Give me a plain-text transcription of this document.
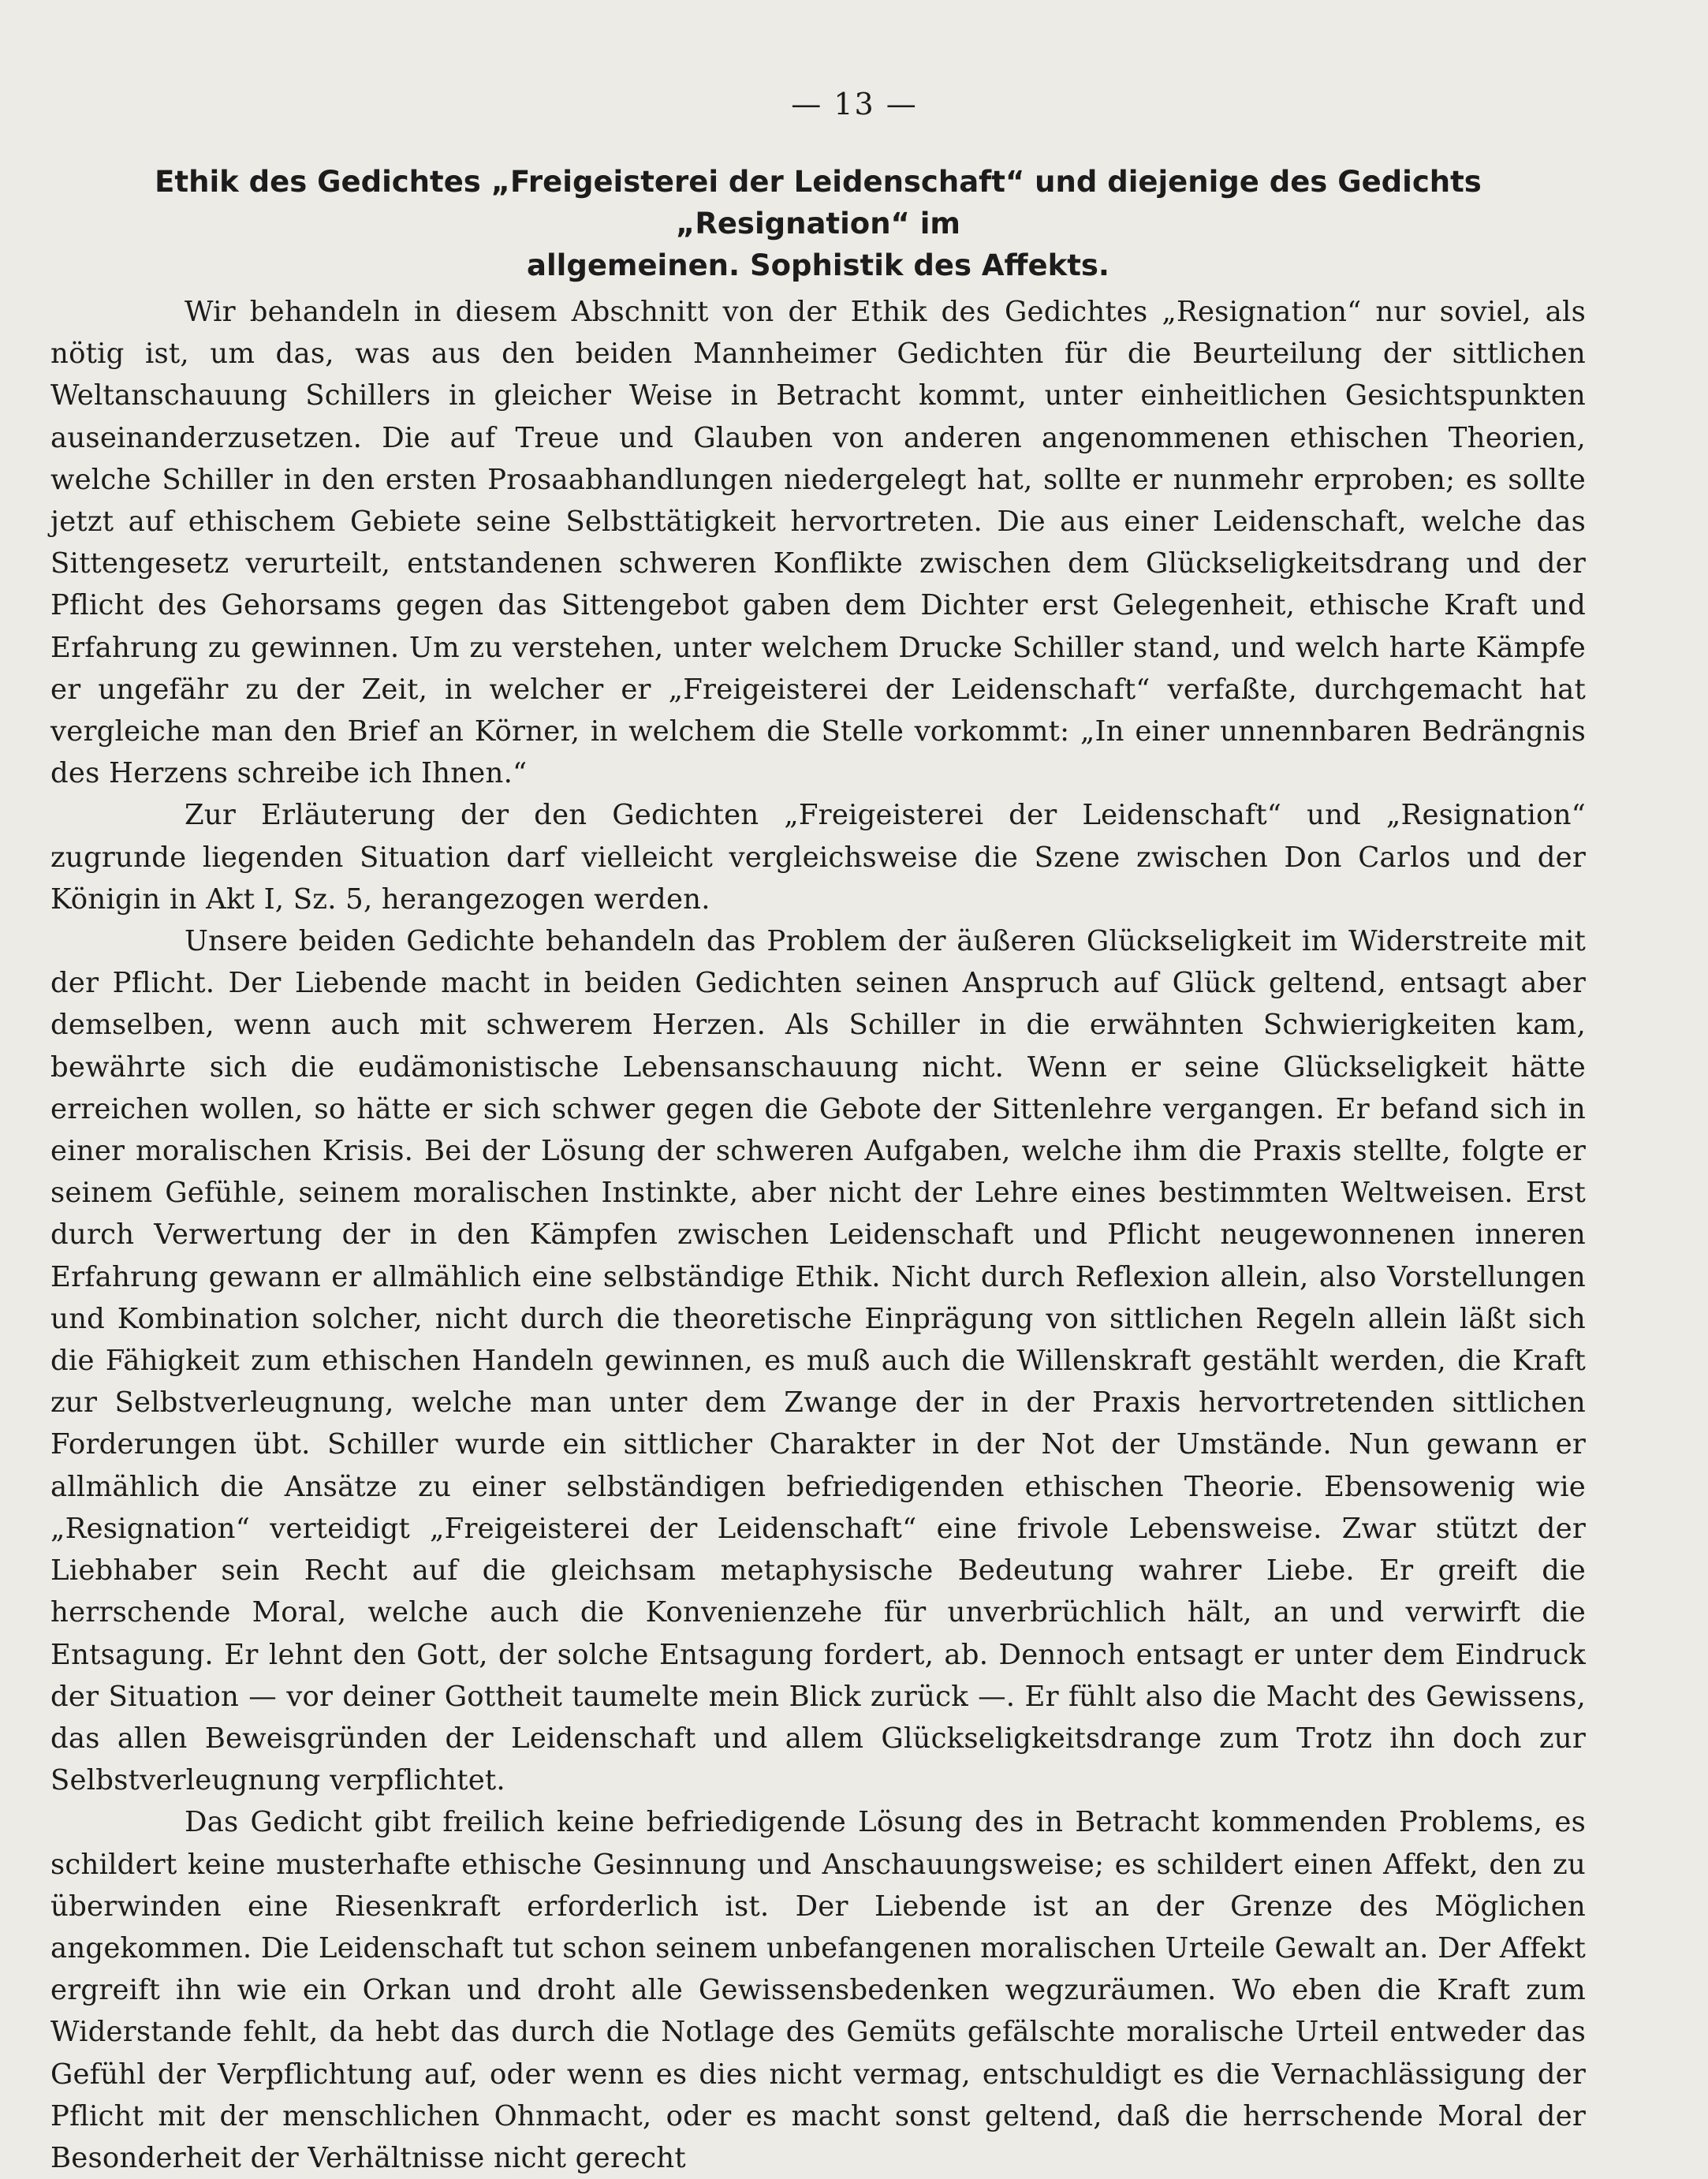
— 13 —
Ethik des Gedichtes „Freigeisterei der Leidenschaft“ und diejenige des Gedichts „Resignation“ im
allgemeinen. Sophistik des Affekts.

Wir behandeln in diesem Abschnitt von der Ethik des Gedichtes „Resignation“ nur soviel, als nötig ist, um das, was aus den beiden Mannheimer Gedichten für die Beurteilung der sittlichen Weltanschauung Schillers in gleicher Weise in Betracht kommt, unter einheitlichen Gesichtspunkten auseinanderzusetzen. Die auf Treue und Glauben von anderen angenommenen ethischen Theorien, welche Schiller in den ersten Prosaabhandlungen niedergelegt hat, sollte er nunmehr erproben; es sollte jetzt auf ethischem Gebiete seine Selbsttätigkeit hervortreten. Die aus einer Leidenschaft, welche das Sittengesetz verurteilt, entstandenen schweren Konflikte zwischen dem Glückseligkeitsdrang und der Pflicht des Gehorsams gegen das Sittengebot gaben dem Dichter erst Gelegenheit, ethische Kraft und Erfahrung zu gewinnen. Um zu verstehen, unter welchem Drucke Schiller stand, und welch harte Kämpfe er ungefähr zu der Zeit, in welcher er „Freigeisterei der Leidenschaft“ verfaßte, durchgemacht hat vergleiche man den Brief an Körner, in welchem die Stelle vorkommt: „In einer unnennbaren Bedrängnis des Herzens schreibe ich Ihnen.“

Zur Erläuterung der den Gedichten „Freigeisterei der Leidenschaft“ und „Resignation“ zugrunde liegenden Situation darf vielleicht vergleichsweise die Szene zwischen Don Carlos und der Königin in Akt I, Sz. 5, herangezogen werden.

Unsere beiden Gedichte behandeln das Problem der äußeren Glückseligkeit im Widerstreite mit der Pflicht. Der Liebende macht in beiden Gedichten seinen Anspruch auf Glück geltend, entsagt aber demselben, wenn auch mit schwerem Herzen. Als Schiller in die erwähnten Schwierigkeiten kam, bewährte sich die eudämonistische Lebensanschauung nicht. Wenn er seine Glückseligkeit hätte erreichen wollen, so hätte er sich schwer gegen die Gebote der Sittenlehre vergangen. Er befand sich in einer moralischen Krisis. Bei der Lösung der schweren Aufgaben, welche ihm die Praxis stellte, folgte er seinem Gefühle, seinem moralischen Instinkte, aber nicht der Lehre eines bestimmten Weltweisen. Erst durch Verwertung der in den Kämpfen zwischen Leidenschaft und Pflicht neugewonnenen inneren Erfahrung gewann er allmählich eine selbständige Ethik. Nicht durch Reflexion allein, also Vorstellungen und Kombination solcher, nicht durch die theoretische Einprägung von sittlichen Regeln allein läßt sich die Fähigkeit zum ethischen Handeln gewinnen, es muß auch die Willenskraft gestählt werden, die Kraft zur Selbstverleugnung, welche man unter dem Zwange der in der Praxis hervortretenden sittlichen Forderungen übt. Schiller wurde ein sittlicher Charakter in der Not der Umstände. Nun gewann er allmählich die Ansätze zu einer selbständigen befriedigenden ethischen Theorie. Ebensowenig wie „Resignation“ verteidigt „Freigeisterei der Leidenschaft“ eine frivole Lebensweise. Zwar stützt der Liebhaber sein Recht auf die gleichsam metaphysische Bedeutung wahrer Liebe. Er greift die herrschende Moral, welche auch die Konvenienzehe für unverbrüchlich hält, an und verwirft die Entsagung. Er lehnt den Gott, der solche Entsagung fordert, ab. Dennoch entsagt er unter dem Eindruck der Situation — vor deiner Gottheit taumelte mein Blick zurück —. Er fühlt also die Macht des Gewissens, das allen Beweisgründen der Leidenschaft und allem Glückseligkeitsdrange zum Trotz ihn doch zur Selbstverleugnung verpflichtet.

Das Gedicht gibt freilich keine befriedigende Lösung des in Betracht kommenden Problems, es schildert keine musterhafte ethische Gesinnung und Anschauungsweise; es schildert einen Affekt, den zu überwinden eine Riesenkraft erforderlich ist. Der Liebende ist an der Grenze des Möglichen angekommen. Die Leidenschaft tut schon seinem unbefangenen moralischen Urteile Gewalt an. Der Affekt ergreift ihn wie ein Orkan und droht alle Gewissensbedenken wegzuräumen. Wo eben die Kraft zum Widerstande fehlt, da hebt das durch die Notlage des Gemüts gefälschte moralische Urteil entweder das Gefühl der Verpflichtung auf, oder wenn es dies nicht vermag, entschuldigt es die Vernachlässigung der Pflicht mit der menschlichen Ohnmacht, oder es macht sonst geltend, daß die herrschende Moral der Besonderheit der Verhältnisse nicht gerecht
